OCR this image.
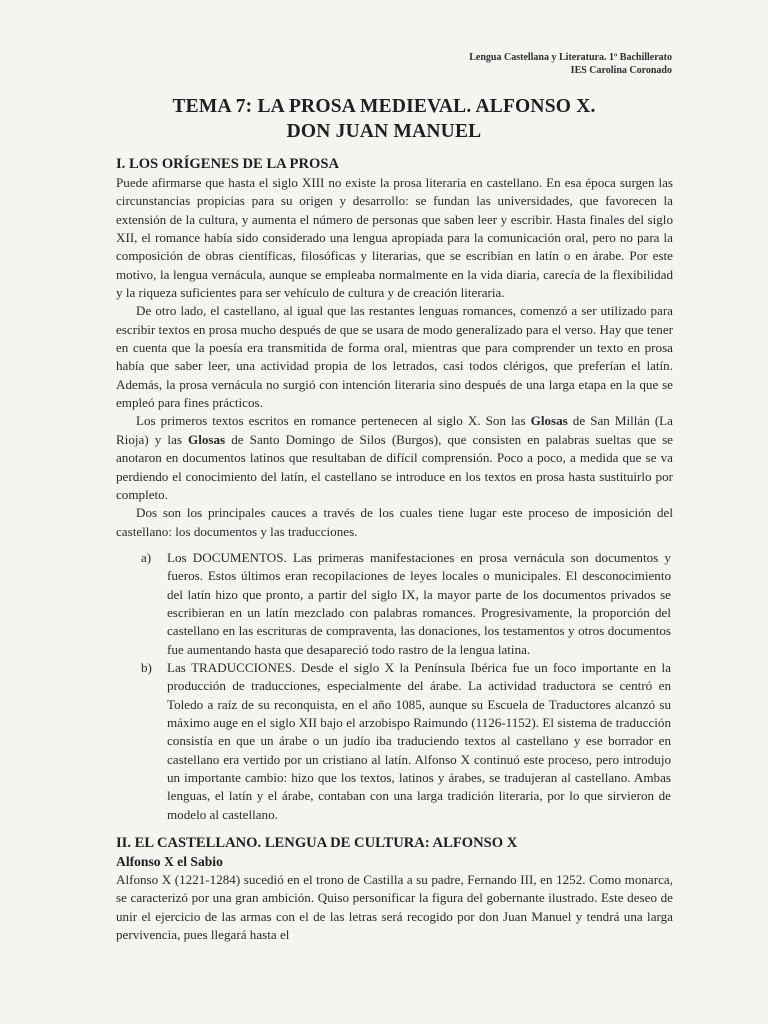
Lengua Castellana y Literatura. 1º Bachillerato
IES Carolina Coronado
TEMA 7: LA PROSA MEDIEVAL. ALFONSO X.
DON JUAN MANUEL
I. LOS ORÍGENES DE LA PROSA

Puede afirmarse que hasta el siglo XIII no existe la prosa literaria en castellano. En esa época surgen las circunstancias propicias para su origen y desarrollo: se fundan las universidades, que favorecen la extensión de la cultura, y aumenta el número de personas que saben leer y escribir. Hasta finales del siglo XII, el romance había sido considerado una lengua apropiada para la comunicación oral, pero no para la composición de obras científicas, filosóficas y literarias, que se escribían en latín o en árabe. Por este motivo, la lengua vernácula, aunque se empleaba normalmente en la vida diaria, carecía de la flexibilidad y la riqueza suficientes para ser vehículo de cultura y de creación literaria.

De otro lado, el castellano, al igual que las restantes lenguas romances, comenzó a ser utilizado para escribir textos en prosa mucho después de que se usara de modo generalizado para el verso. Hay que tener en cuenta que la poesía era transmitida de forma oral, mientras que para comprender un texto en prosa había que saber leer, una actividad propia de los letrados, casi todos clérigos, que preferían el latín. Además, la prosa vernácula no surgió con intención literaria sino después de una larga etapa en la que se empleó para fines prácticos.

Los primeros textos escritos en romance pertenecen al siglo X. Son las Glosas de San Millán (La Rioja) y las Glosas de Santo Domingo de Silos (Burgos), que consisten en palabras sueltas que se anotaron en documentos latinos que resultaban de difícil comprensión. Poco a poco, a medida que se va perdiendo el conocimiento del latín, el castellano se introduce en los textos en prosa hasta sustituirlo por completo.

Dos son los principales cauces a través de los cuales tiene lugar este proceso de imposición del castellano: los documentos y las traducciones.

a)	Los DOCUMENTOS. Las primeras manifestaciones en prosa vernácula son documentos y fueros. Estos últimos eran recopilaciones de leyes locales o municipales. El desconocimiento del latín hizo que pronto, a partir del siglo IX, la mayor parte de los documentos privados se escribieran en un latín mezclado con palabras romances. Progresivamente, la proporción del castellano en las escrituras de compraventa, las donaciones, los testamentos y otros documentos fue aumentando hasta que desapareció todo rastro de la lengua latina.
b)	Las TRADUCCIONES. Desde el siglo X la Península Ibérica fue un foco importante en la producción de traducciones, especialmente del árabe. La actividad traductora se centró en Toledo a raíz de su reconquista, en el año 1085, aunque su Escuela de Traductores alcanzó su máximo auge en el siglo XII bajo el arzobispo Raimundo (1126-1152). El sistema de traducción consistía en que un árabe o un judío iba traduciendo textos al castellano y ese borrador en castellano era vertido por un cristiano al latín. Alfonso X continuó este proceso, pero introdujo un importante cambio: hizo que los textos, latinos y árabes, se tradujeran al castellano. Ambas lenguas, el latín y el árabe, contaban con una larga tradición literaria, por lo que sirvieron de modelo al castellano.
II. EL CASTELLANO. LENGUA DE CULTURA: ALFONSO X
Alfonso X el Sabio

Alfonso X (1221-1284) sucedió en el trono de Castilla a su padre, Fernando III, en 1252. Como monarca, se caracterizó por una gran ambición. Quiso personificar la figura del gobernante ilustrado. Este deseo de unir el ejercicio de las armas con el de las letras será recogido por don Juan Manuel y tendrá una larga pervivencia, pues llegará hasta el
